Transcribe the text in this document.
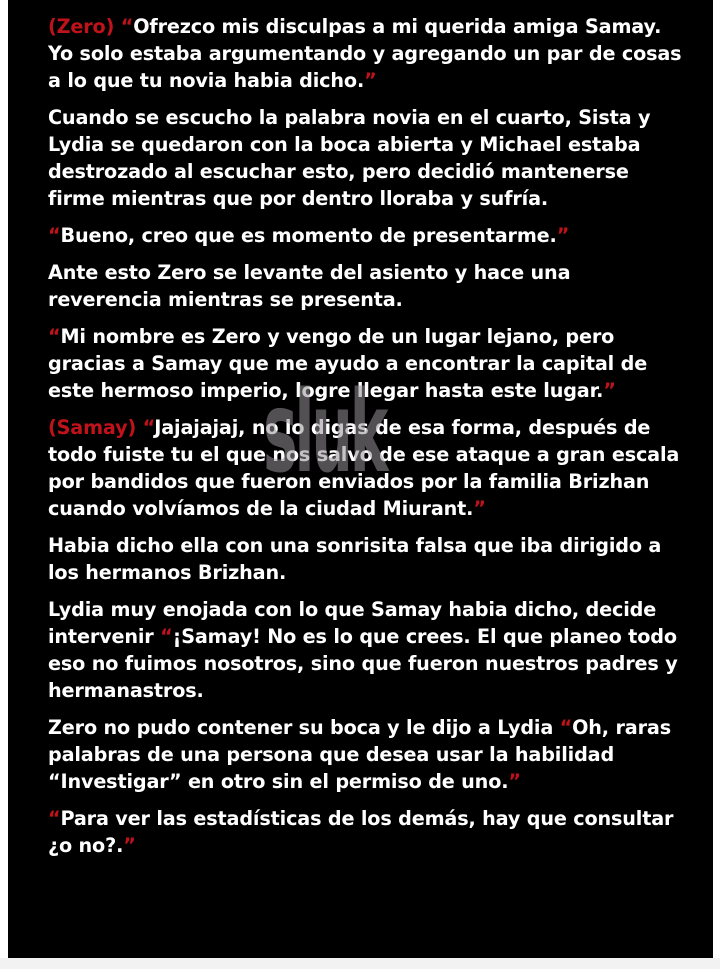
(Zero) “Ofrezco mis disculpas a mi querida amiga Samay. Yo solo estaba argumentando y agregando un par de cosas a lo que tu novia habia dicho.”

Cuando se escucho la palabra novia en el cuarto, Sista y Lydia se quedaron con la boca abierta y Michael estaba destrozado al escuchar esto, pero decidió mantenerse firme mientras que por dentro lloraba y sufría.

“Bueno, creo que es momento de presentarme.”

Ante esto Zero se levante del asiento y hace una reverencia mientras se presenta.

“Mi nombre es Zero y vengo de un lugar lejano, pero gracias a Samay que me ayudo a encontrar la capital de este hermoso imperio, logre llegar hasta este lugar.”

(Samay) “Jajajajaj, no lo digas de esa forma, después de todo fuiste tu el que nos salvo de ese ataque a gran escala por bandidos que fueron enviados por la familia Brizhan cuando volvíamos de la ciudad Miurant.”

Habia dicho ella con una sonrisita falsa que iba dirigido a los hermanos Brizhan.

Lydia muy enojada con lo que Samay habia dicho, decide intervenir “¡Samay! No es lo que crees. El que planeo todo eso no fuimos nosotros, sino que fueron nuestros padres y hermanastros.

Zero no pudo contener su boca y le dijo a Lydia “Oh, raras palabras de una persona que desea usar la habilidad “Investigar” en otro sin el permiso de uno.”

“Para ver las estadísticas de los demás, hay que consultar ¿o no?.”

sluk
